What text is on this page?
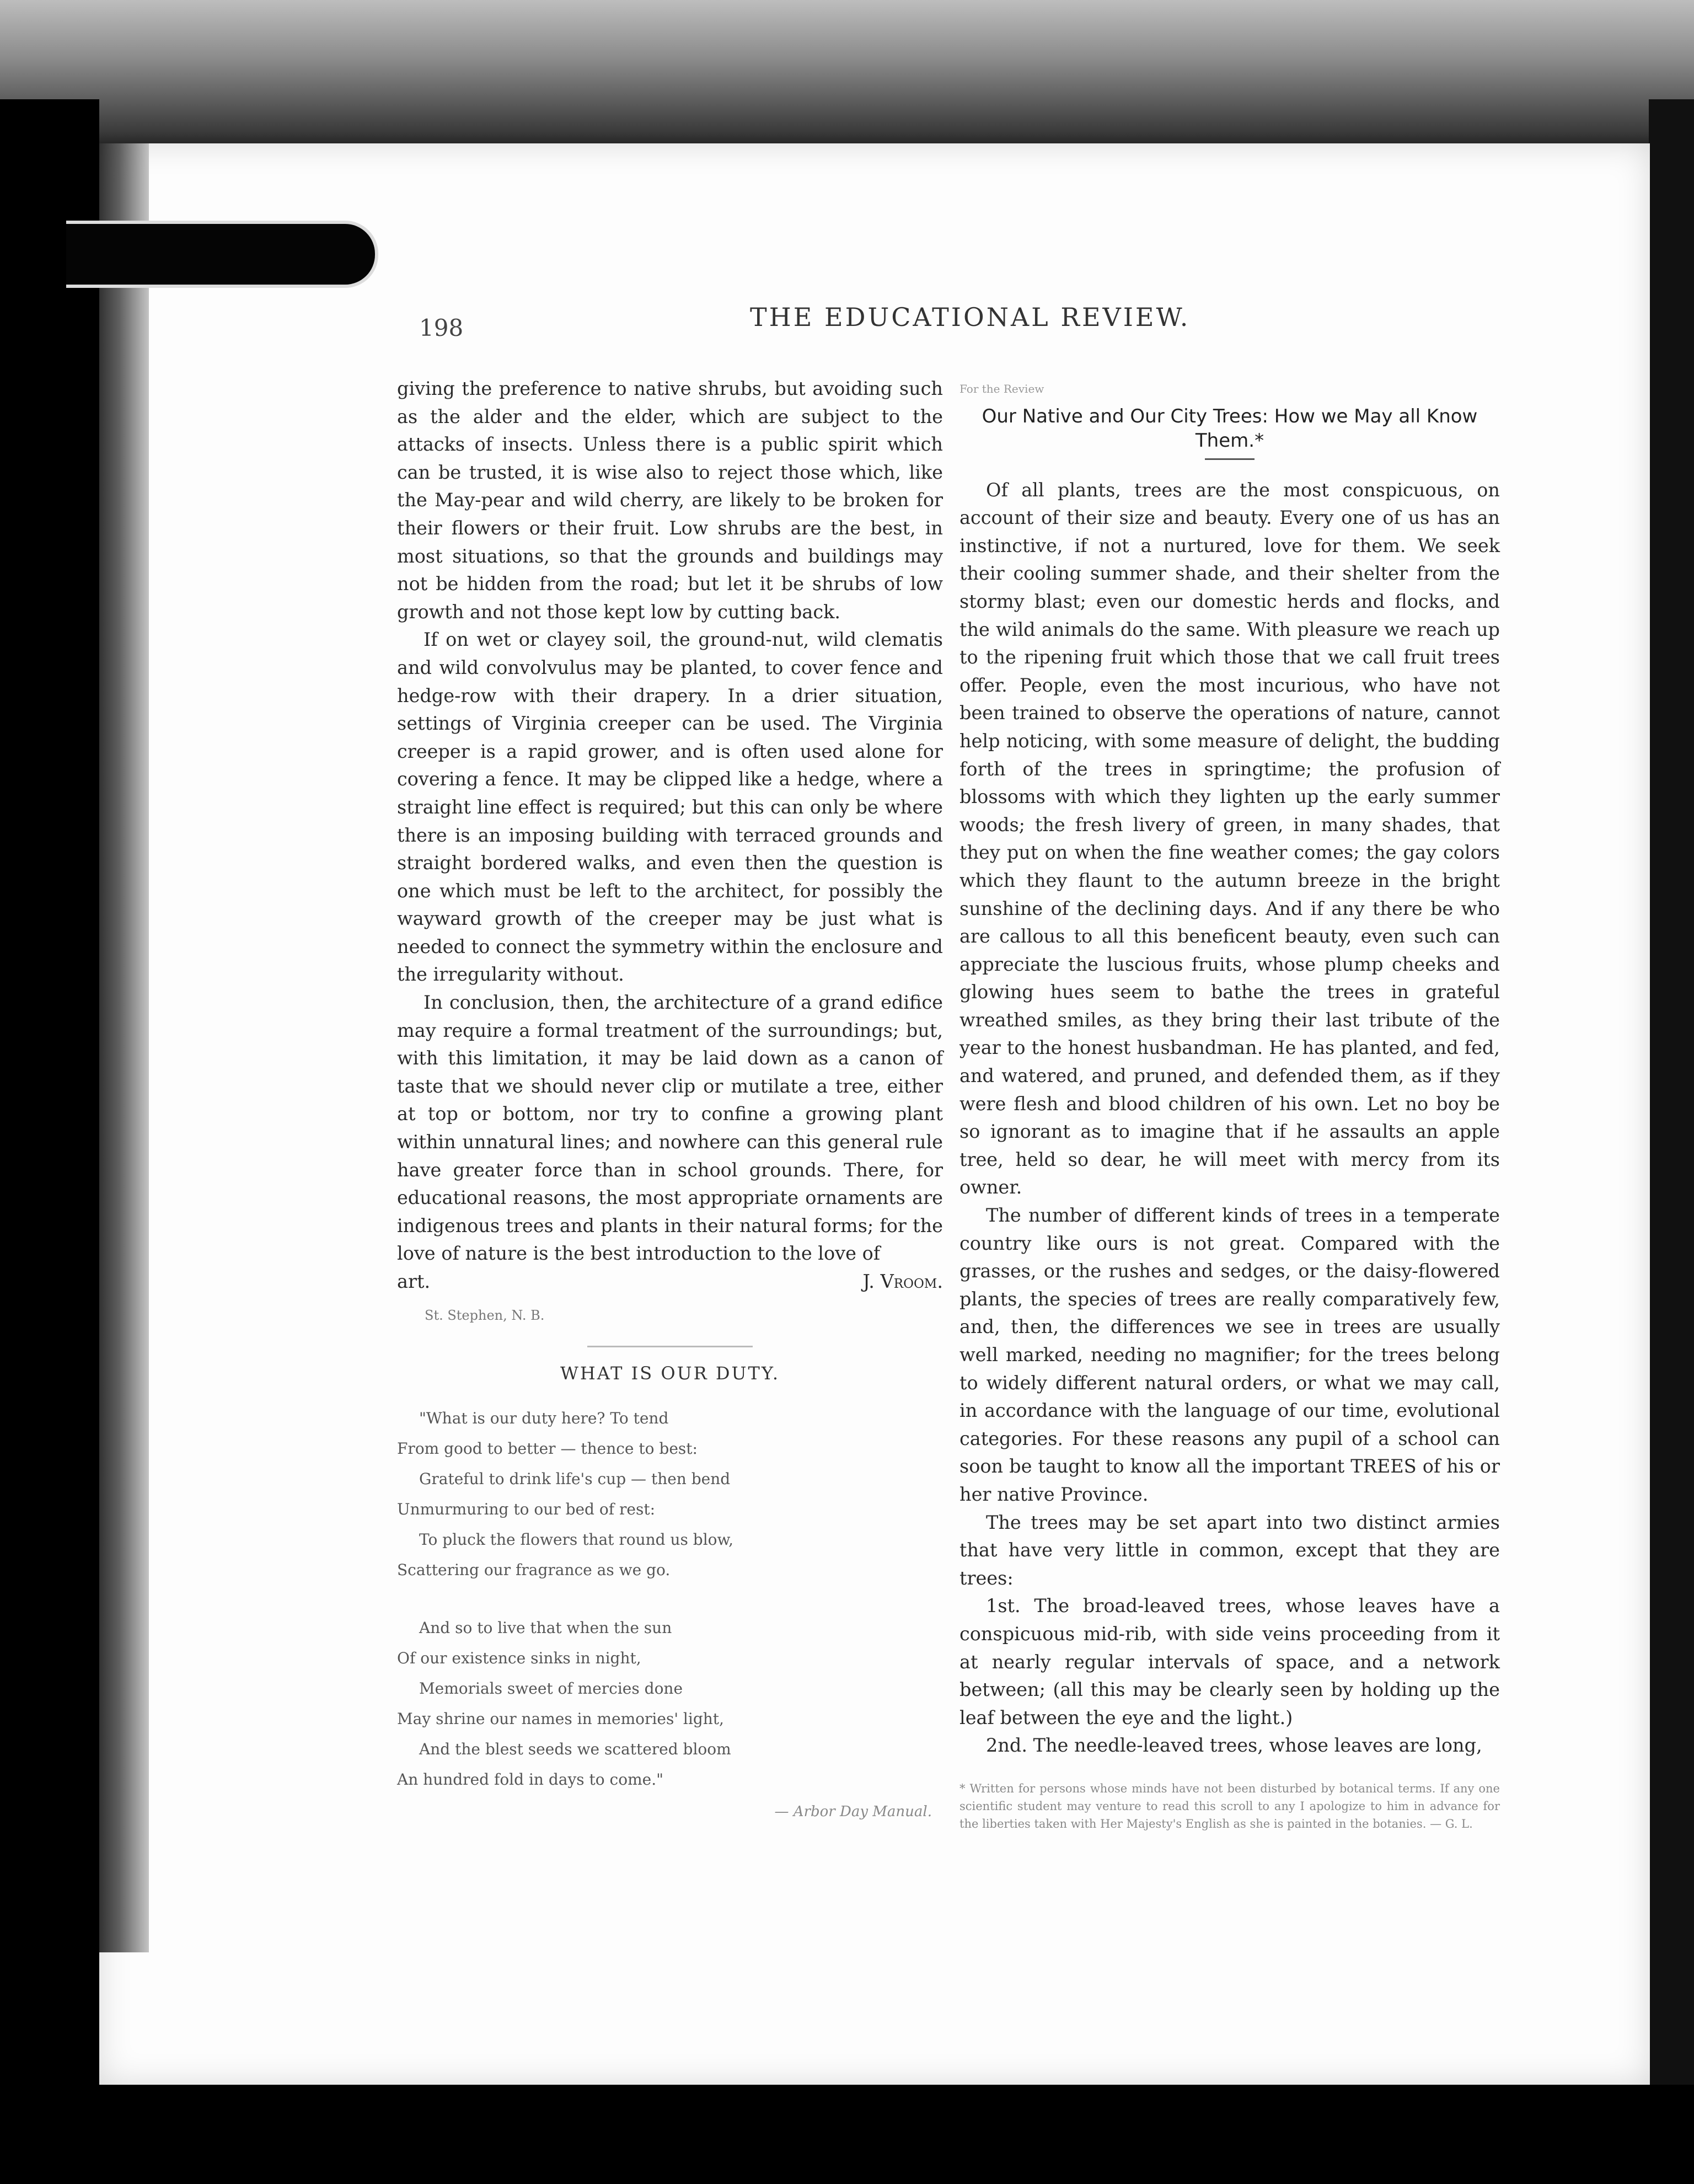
198	THE EDUCATIONAL REVIEW.

giving the preference to native shrubs, but avoiding such as the alder and the elder, which are subject to the attacks of insects. Unless there is a public spirit which can be trusted, it is wise also to reject those which, like the May-pear and wild cherry, are likely to be broken for their flowers or their fruit. Low shrubs are the best, in most situations, so that the grounds and buildings may not be hidden from the road; but let it be shrubs of low growth and not those kept low by cutting back.

If on wet or clayey soil, the ground-nut, wild clematis and wild convolvulus may be planted, to cover fence and hedge-row with their drapery. In a drier situation, settings of Virginia creeper can be used. The Virginia creeper is a rapid grower, and is often used alone for covering a fence. It may be clipped like a hedge, where a straight line effect is required; but this can only be where there is an imposing building with terraced grounds and straight bordered walks, and even then the question is one which must be left to the architect, for possibly the wayward growth of the creeper may be just what is needed to connect the symmetry within the enclosure and the irregularity without.

In conclusion, then, the architecture of a grand edifice may require a formal treatment of the surroundings; but, with this limitation, it may be laid down as a canon of taste that we should never clip or mutilate a tree, either at top or bottom, nor try to confine a growing plant within unnatural lines; and nowhere can this general rule have greater force than in school grounds. There, for educational reasons, the most appropriate ornaments are indigenous trees and plants in their natural forms; for the love of nature is the best introduction to the love of

art.	J. Vroom.
St. Stephen, N. B.
WHAT IS OUR DUTY.
"What is our duty here? To tend
From good to better — thence to best:
Grateful to drink life's cup — then bend
Unmurmuring to our bed of rest:
To pluck the flowers that round us blow,
Scattering our fragrance as we go.
And so to live that when the sun
Of our existence sinks in night,
Memorials sweet of mercies done
May shrine our names in memories' light,
And the blest seeds we scattered bloom
An hundred fold in days to come."
— Arbor Day Manual.
For the Review
Our Native and Our City Trees: How we May all Know Them.*

Of all plants, trees are the most conspicuous, on account of their size and beauty. Every one of us has an instinctive, if not a nurtured, love for them. We seek their cooling summer shade, and their shelter from the stormy blast; even our domestic herds and flocks, and the wild animals do the same. With pleasure we reach up to the ripening fruit which those that we call fruit trees offer. People, even the most incurious, who have not been trained to observe the operations of nature, cannot help noticing, with some measure of delight, the budding forth of the trees in springtime; the profusion of blossoms with which they lighten up the early summer woods; the fresh livery of green, in many shades, that they put on when the fine weather comes; the gay colors which they flaunt to the autumn breeze in the bright sunshine of the declining days. And if any there be who are callous to all this beneficent beauty, even such can appreciate the luscious fruits, whose plump cheeks and glowing hues seem to bathe the trees in grateful wreathed smiles, as they bring their last tribute of the year to the honest husbandman. He has planted, and fed, and watered, and pruned, and defended them, as if they were flesh and blood children of his own. Let no boy be so ignorant as to imagine that if he assaults an apple tree, held so dear, he will meet with mercy from its owner.

The number of different kinds of trees in a temperate country like ours is not great. Compared with the grasses, or the rushes and sedges, or the daisy-flowered plants, the species of trees are really comparatively few, and, then, the differences we see in trees are usually well marked, needing no magnifier; for the trees belong to widely different natural orders, or what we may call, in accordance with the language of our time, evolutional categories. For these reasons any pupil of a school can soon be taught to know all the important TREES of his or her native Province.

The trees may be set apart into two distinct armies that have very little in common, except that they are trees:

1st. The broad-leaved trees, whose leaves have a conspicuous mid-rib, with side veins proceeding from it at nearly regular intervals of space, and a network between; (all this may be clearly seen by holding up the leaf between the eye and the light.)

2nd. The needle-leaved trees, whose leaves are long,

* Written for persons whose minds have not been disturbed by botanical terms. If any one scientific student may venture to read this scroll to any I apologize to him in advance for the liberties taken with Her Majesty's English as she is painted in the botanies. — G. L.
